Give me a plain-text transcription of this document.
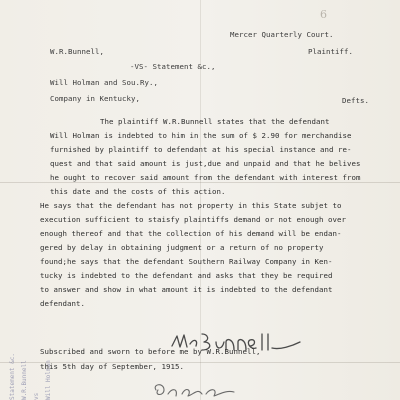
6
Mercer Quarterly Court.
W.R.Bunnell,	Plaintiff.
-VS- Statement &c.,
Will Holman and Sou.Ry.,
Company in Kentucky,	Defts.
The plaintiff W.R.Bunnell states that the defendant
Will Holman is indebted to him in the sum of $ 2.90 for merchandise
furnished by plaintiff to defendant at his special instance and re-
quest and that said amount is just,due and unpaid and that he belives
he ought to recover said amount from the defendant with interest from
this date and the costs of this action.
He says that the defendant has not property in this State subjet to
execution sufficient to staisfy plaintiffs demand or not enough over
enough thereof and that the collection of his demand will be endan-
gered by delay in obtaining judgment or a return of no property
found;he says that the defendant Southern Railway Company in Ken-
tucky is indebted to the defendant and asks that they be required
to answer and show in what amount it is indebted to the defendant
defendant.
Statement &c. W.R.Bunnell vs Will Holman
Subscribed and sworn to before me by W.R.Bunnell,
this 5th day of September, 1915.
